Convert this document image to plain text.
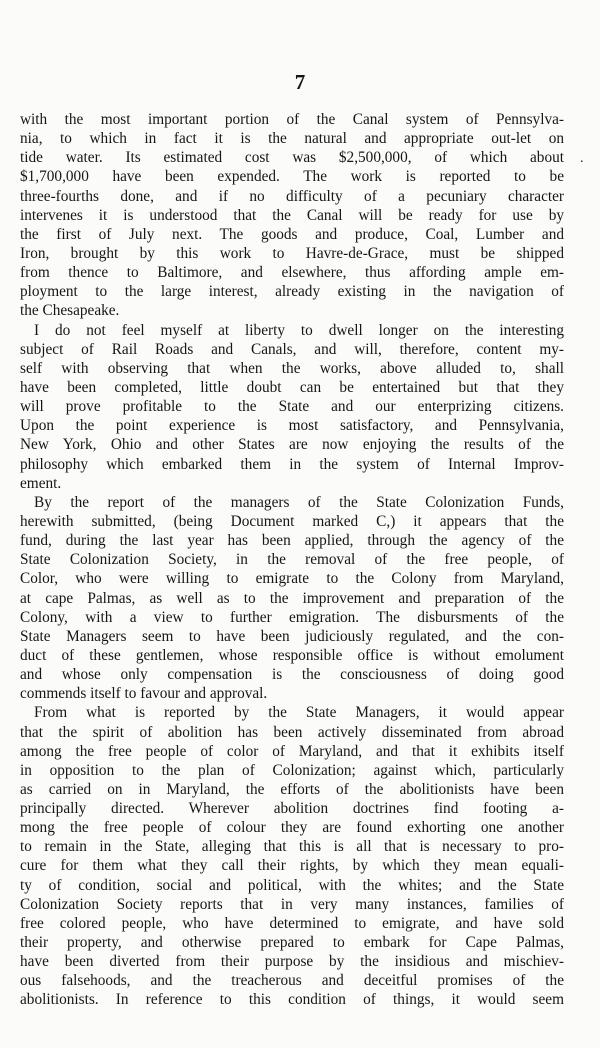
7
.
with the most important portion of the Canal system of Pennsylva-
nia, to which in fact it is the natural and appropriate out-let on
tide water. Its estimated cost was $2,500,000, of which about
$1,700,000 have been expended. The work is reported to be
three-fourths done, and if no difficulty of a pecuniary character
intervenes it is understood that the Canal will be ready for use by
the first of July next. The goods and produce, Coal, Lumber and
Iron, brought by this work to Havre-de-Grace, must be shipped
from thence to Baltimore, and elsewhere, thus affording ample em-
ployment to the large interest, already existing in the navigation of
the Chesapeake.
I do not feel myself at liberty to dwell longer on the interesting
subject of Rail Roads and Canals, and will, therefore, content my-
self with observing that when the works, above alluded to, shall
have been completed, little doubt can be entertained but that they
will prove profitable to the State and our enterprizing citizens.
Upon the point experience is most satisfactory, and Pennsylvania,
New York, Ohio and other States are now enjoying the results of the
philosophy which embarked them in the system of Internal Improv-
ement.
By the report of the managers of the State Colonization Funds,
herewith submitted, (being Document marked C,) it appears that the
fund, during the last year has been applied, through the agency of the
State Colonization Society, in the removal of the free people, of
Color, who were willing to emigrate to the Colony from Maryland,
at cape Palmas, as well as to the improvement and preparation of the
Colony, with a view to further emigration. The disbursments of the
State Managers seem to have been judiciously regulated, and the con-
duct of these gentlemen, whose responsible office is without emolument
and whose only compensation is the consciousness of doing good
commends itself to favour and approval.
From what is reported by the State Managers, it would appear
that the spirit of abolition has been actively disseminated from abroad
among the free people of color of Maryland, and that it exhibits itself
in opposition to the plan of Colonization; against which, particularly
as carried on in Maryland, the efforts of the abolitionists have been
principally directed. Wherever abolition doctrines find footing a-
mong the free people of colour they are found exhorting one another
to remain in the State, alleging that this is all that is necessary to pro-
cure for them what they call their rights, by which they mean equali-
ty of condition, social and political, with the whites; and the State
Colonization Society reports that in very many instances, families of
free colored people, who have determined to emigrate, and have sold
their property, and otherwise prepared to embark for Cape Palmas,
have been diverted from their purpose by the insidious and mischiev-
ous falsehoods, and the treacherous and deceitful promises of the
abolitionists. In reference to this condition of things, it would seem
